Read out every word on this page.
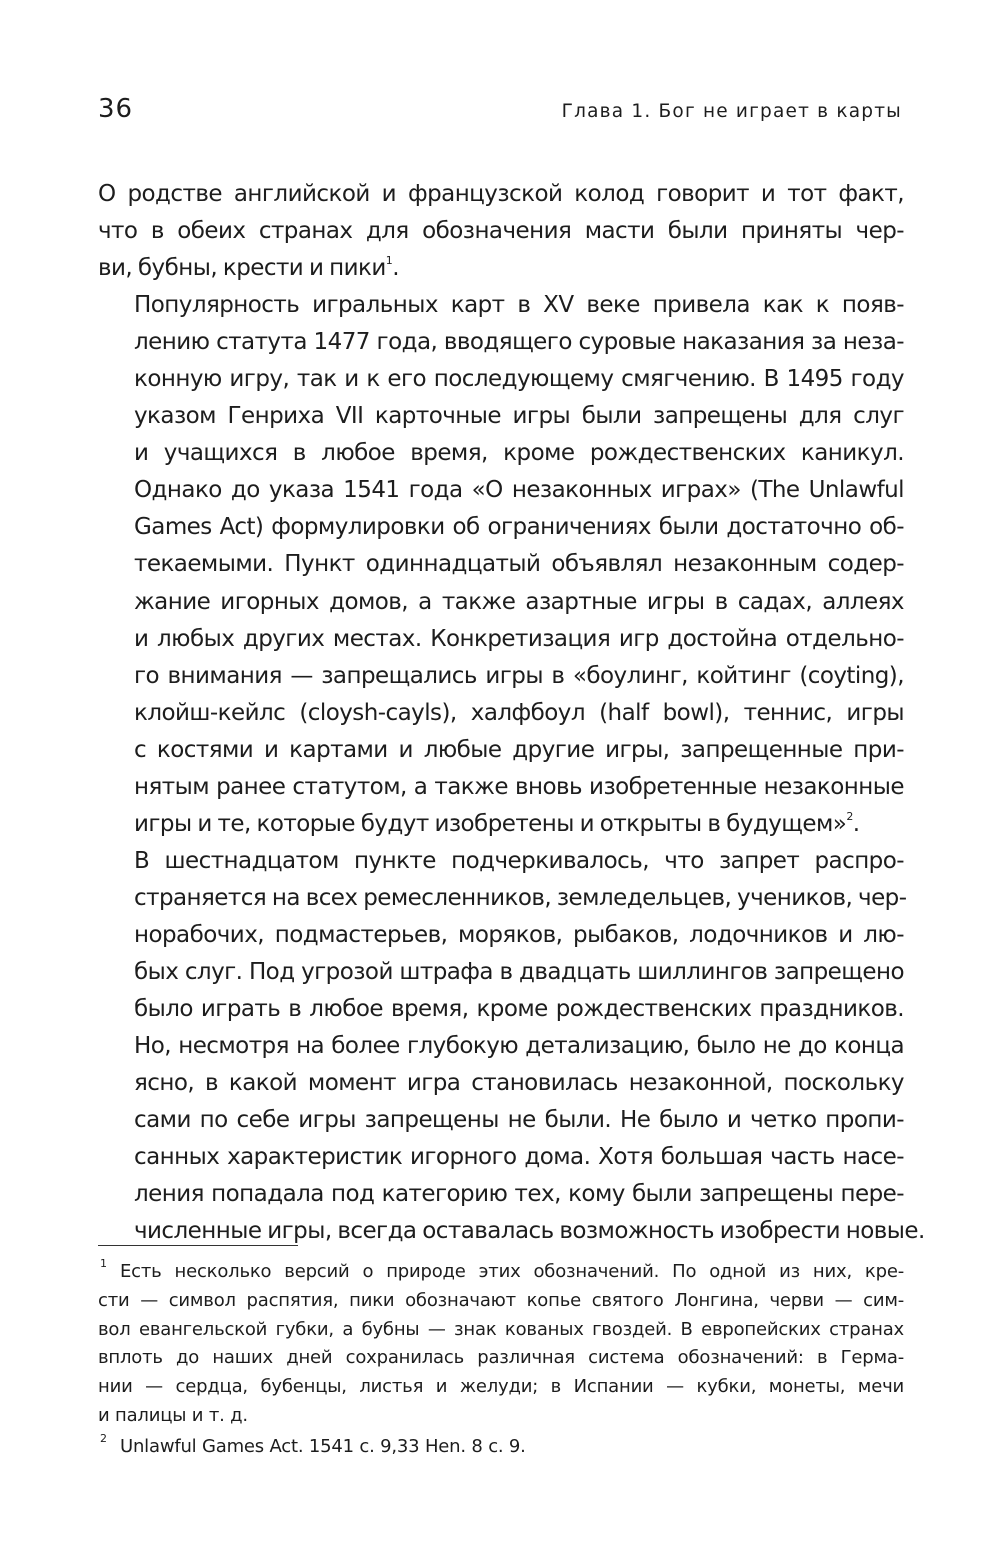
36	Глава 1. Бог не играет в карты

О родстве английской и французской колод говорит и тот факт,
что в обеих странах для обозначения масти были приняты чер-
ви, бубны, крести и пики$^1$.

Популярность игральных карт в XV веке привела как к появ-
лению статута 1477 года, вводящего суровые наказания за неза-
конную игру, так и к его последующему смягчению. В 1495 году
указом Генриха VII карточные игры были запрещены для слуг
и учащихся в любое время, кроме рождественских каникул.
Однако до указа 1541 года «О незаконных играх» (The Unlawful
Games Act) формулировки об ограничениях были достаточно об-
текаемыми. Пункт одиннадцатый объявлял незаконным содер-
жание игорных домов, а также азартные игры в садах, аллеях
и любых других местах. Конкретизация игр достойна отдельно-
го внимания — запрещались игры в «боулинг, койтинг (coyting),
клойш-кейлс (cloysh-cayls), халфбоул (half bowl), теннис, игры
с костями и картами и любые другие игры, запрещенные при-
нятым ранее статутом, а также вновь изобретенные незаконные
игры и те, которые будут изобретены и открыты в будущем»$^2$.

В шестнадцатом пункте подчеркивалось, что запрет распро-
страняется на всех ремесленников, земледельцев, учеников, чер-
норабочих, подмастерьев, моряков, рыбаков, лодочников и лю-
бых слуг. Под угрозой штрафа в двадцать шиллингов запрещено
было играть в любое время, кроме рождественских праздников.
Но, несмотря на более глубокую детализацию, было не до конца
ясно, в какой момент игра становилась незаконной, поскольку
сами по себе игры запрещены не были. Не было и четко пропи-
санных характеристик игорного дома. Хотя большая часть насе-
ления попадала под категорию тех, кому были запрещены пере-
численные игры, всегда оставалась возможность изобрести новые.

1 Есть несколько версий о природе этих обозначений. По одной из них, кре-
сти — символ распятия, пики обозначают копье святого Лонгина, черви — сим-
вол евангельской губки, а бубны — знак кованых гвоздей. В европейских странах
вплоть до наших дней сохранилась различная система обозначений: в Герма-
нии — сердца, бубенцы, листья и желуди; в Испании — кубки, монеты, мечи
и палицы и т. д.
2 Unlawful Games Act. 1541 c. 9,33 Hen. 8 c. 9.
